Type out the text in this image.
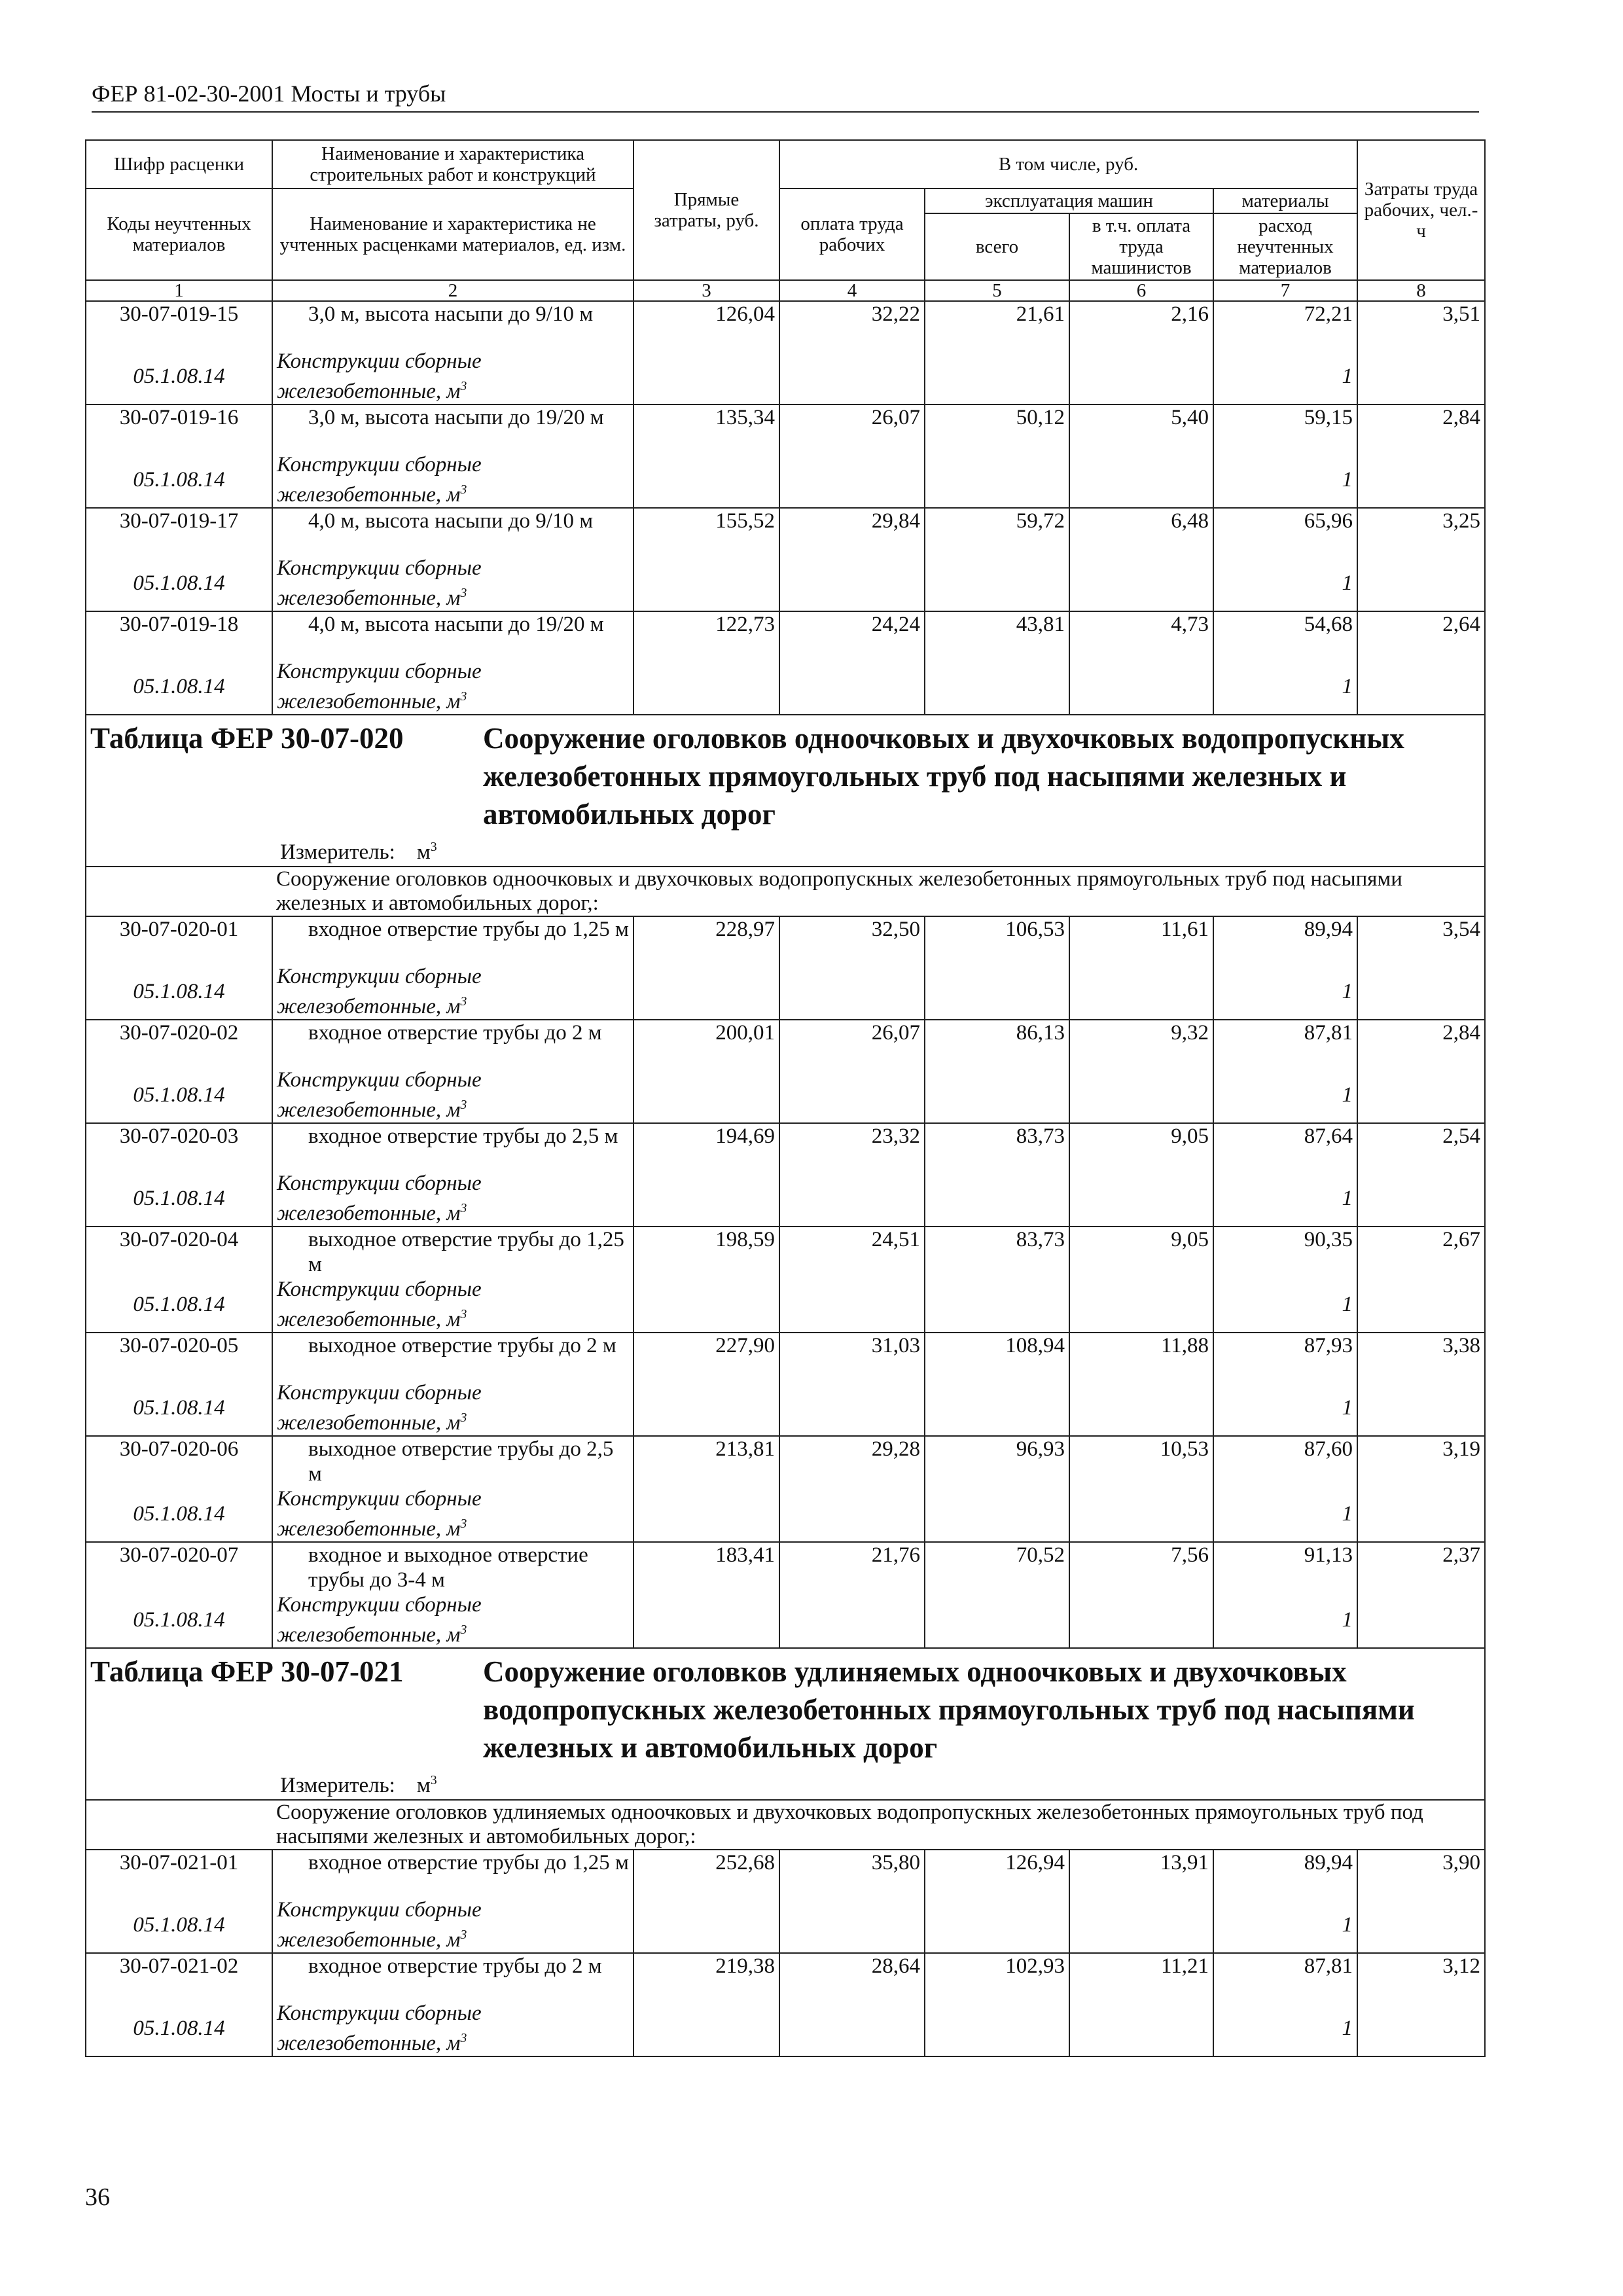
ФЕР 81-02-30-2001 Мосты и трубы
Шифр расценки	Наименование и характеристика строительных работ и конструкций	Прямые затраты, руб.	В том числе, руб.				Затраты труда рабочих, чел.-ч
Коды неучтенных материалов	Наименование и характеристика не учтенных расценками материалов, ед. изм.		оплата труда рабочих	эксплуатация машин		материалы	
				всего	в т.ч. оплата труда машинистов	расход неучтенных материалов	
1	2	3	4	5	6	7	8
30-07-019-15	3,0 м, высота насыпи до 9/10 м	126,04	32,22	21,61	2,16	72,21	3,51
05.1.08.14	Конструкции сборные железобетонные, $м^3$					1	
30-07-019-16	3,0 м, высота насыпи до 19/20 м	135,34	26,07	50,12	5,40	59,15	2,84
05.1.08.14	Конструкции сборные железобетонные, $м^3$					1	
30-07-019-17	4,0 м, высота насыпи до 9/10 м	155,52	29,84	59,72	6,48	65,96	3,25
05.1.08.14	Конструкции сборные железобетонные, $м^3$					1	
30-07-019-18	4,0 м, высота насыпи до 19/20 м	122,73	24,24	43,81	4,73	54,68	2,64
05.1.08.14	Конструкции сборные железобетонные, $м^3$					1	

Таблица ФЕР 30-07-020 Сооружение оголовков одноочковых и двухочковых водопропускных железобетонных прямоугольных труб под насыпями железных и автомобильных дорог
Измеритель: $м^3$

Сооружение оголовков одноочковых и двухочковых водопропускных железобетонных прямоугольных труб под насыпями железных и автомобильных дорог,:							
30-07-020-01	входное отверстие трубы до 1,25 м	228,97	32,50	106,53	11,61	89,94	3,54
05.1.08.14	Конструкции сборные железобетонные, $м^3$					1	
30-07-020-02	входное отверстие трубы до 2 м	200,01	26,07	86,13	9,32	87,81	2,84
05.1.08.14	Конструкции сборные железобетонные, $м^3$					1	
30-07-020-03	входное отверстие трубы до 2,5 м	194,69	23,32	83,73	9,05	87,64	2,54
05.1.08.14	Конструкции сборные железобетонные, $м^3$					1	
30-07-020-04	выходное отверстие трубы до 1,25 м	198,59	24,51	83,73	9,05	90,35	2,67
05.1.08.14	Конструкции сборные железобетонные, $м^3$					1	
30-07-020-05	выходное отверстие трубы до 2 м	227,90	31,03	108,94	11,88	87,93	3,38
05.1.08.14	Конструкции сборные железобетонные, $м^3$					1	
30-07-020-06	выходное отверстие трубы до 2,5 м	213,81	29,28	96,93	10,53	87,60	3,19
05.1.08.14	Конструкции сборные железобетонные, $м^3$					1	
30-07-020-07	входное и выходное отверстие трубы до 3-4 м	183,41	21,76	70,52	7,56	91,13	2,37
05.1.08.14	Конструкции сборные железобетонные, $м^3$					1	

Таблица ФЕР 30-07-021 Сооружение оголовков удлиняемых одноочковых и двухочковых водопропускных железобетонных прямоугольных труб под насыпями железных и автомобильных дорог
Измеритель: $м^3$

Сооружение оголовков удлиняемых одноочковых и двухочковых водопропускных железобетонных прямоугольных труб под насыпями железных и автомобильных дорог,:							
30-07-021-01	входное отверстие трубы до 1,25 м	252,68	35,80	126,94	13,91	89,94	3,90
05.1.08.14	Конструкции сборные железобетонные, $м^3$					1	
30-07-021-02	входное отверстие трубы до 2 м	219,38	28,64	102,93	11,21	87,81	3,12
05.1.08.14	Конструкции сборные железобетонные, $м^3$					1	
36
